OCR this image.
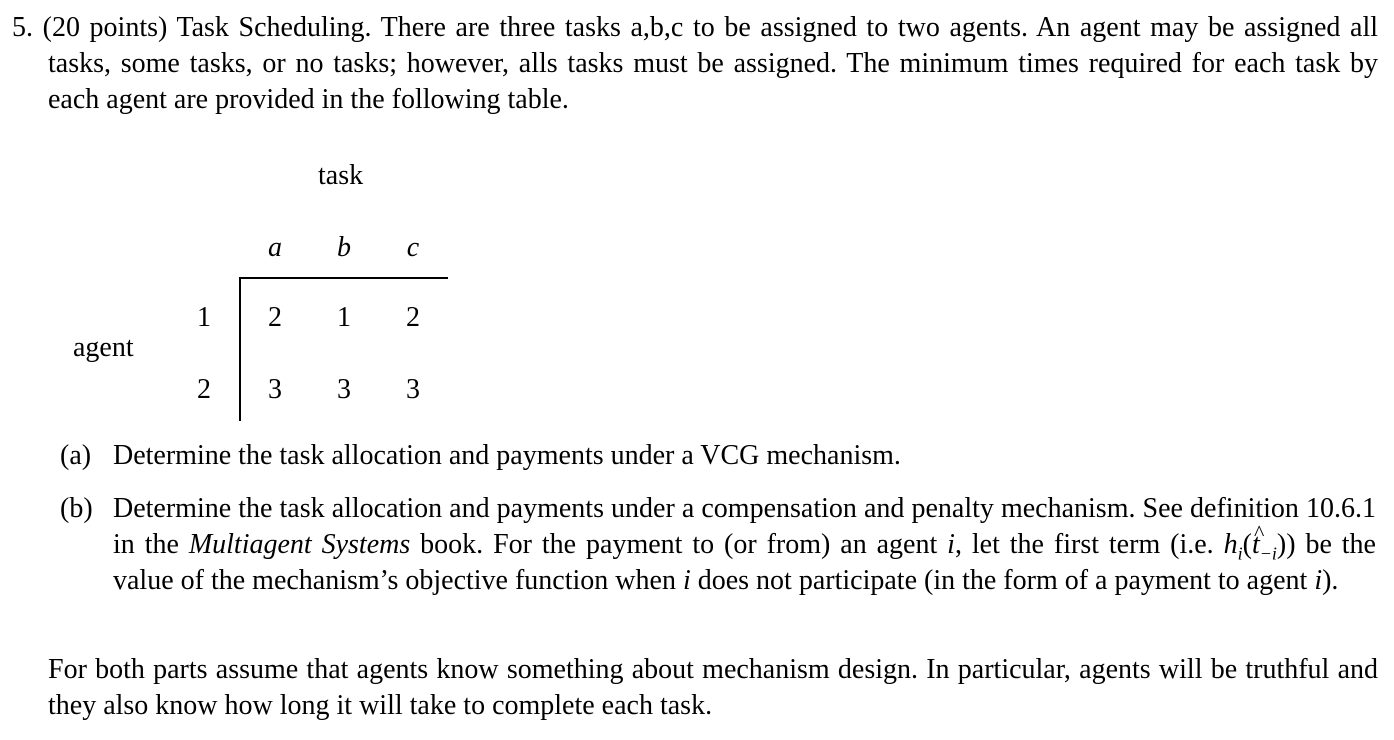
5. (20 points) Task Scheduling. There are three tasks a,b,c to be assigned to two agents. An agent may be assigned all tasks, some tasks, or no tasks; however, alls tasks must be assigned. The minimum times required for each task by each agent are provided in the following table.

task
a	b	c
agent
1	2	1	2
2	3	3	3
(a) Determine the task allocation and payments under a VCG mechanism.
(b) Determine the task allocation and payments under a compensation and penalty mechanism. See definition 10.6.1 in the Multiagent Systems book. For the payment to (or from) an agent i, let the first term (i.e. $h_i(\^{}$ $t_{-i}$)) be the value of the mechanism’s objective function when i does not participate (in the form of a payment to agent i).

For both parts assume that agents know something about mechanism design. In particular, agents will be truthful and they also know how long it will take to complete each task.
